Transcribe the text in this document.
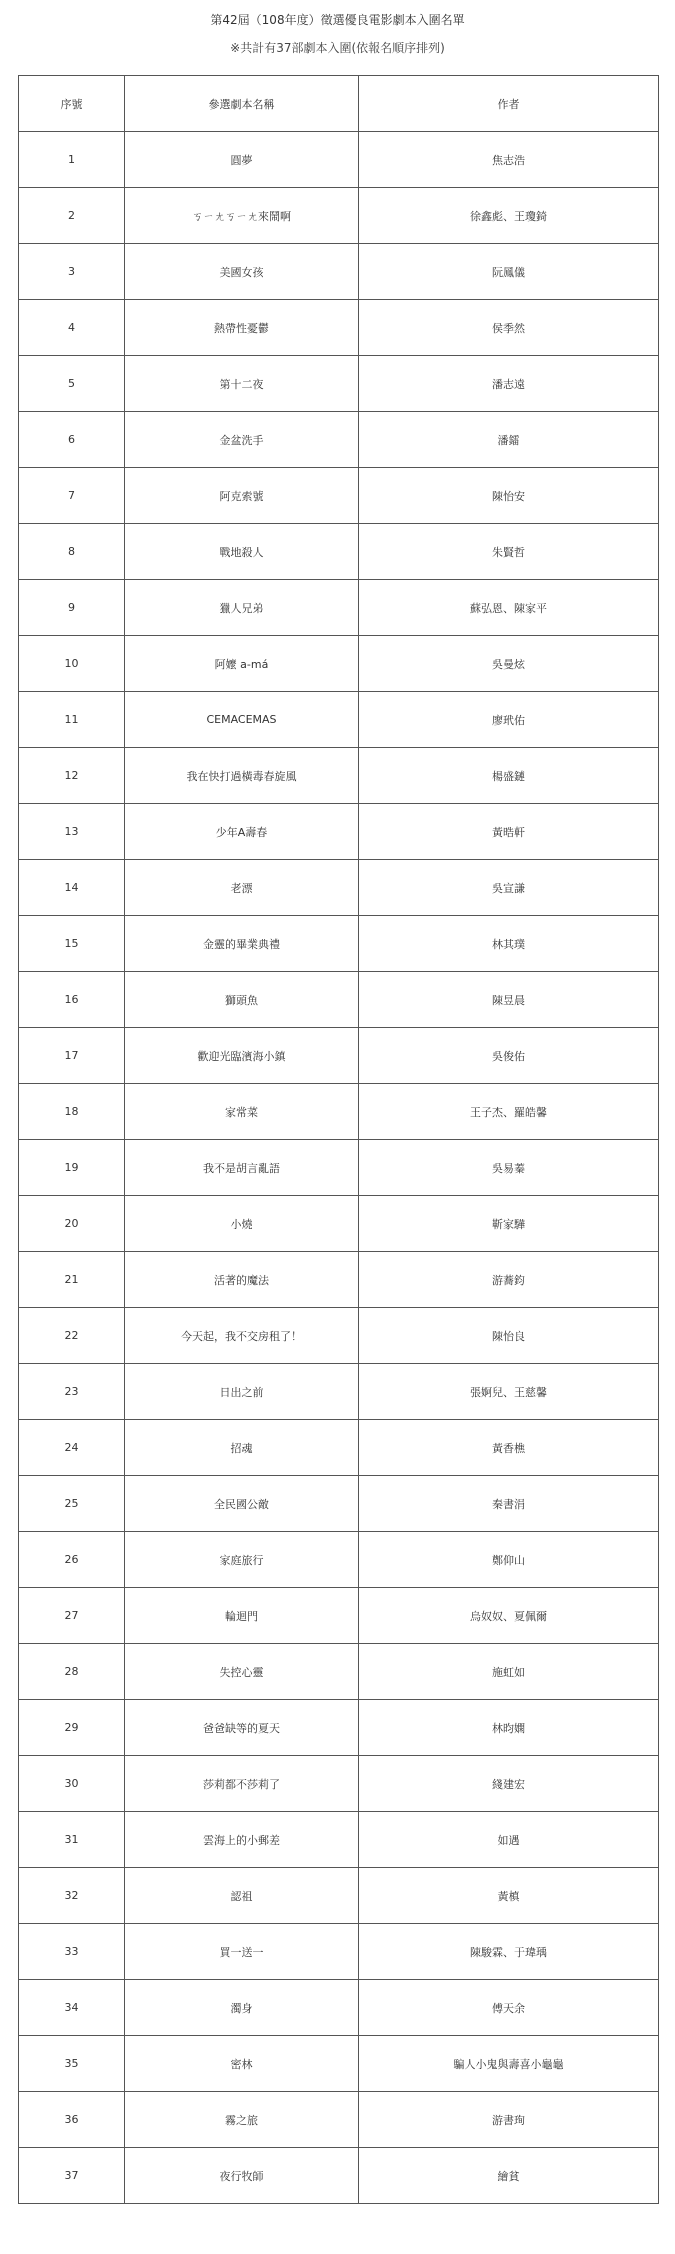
第42屆（108年度）徵選優良電影劇本入圍名單
※共計有37部劇本入圍(依報名順序排列)
序號	參選劇本名稱	作者
1	圓夢	焦志浩
2	ㄎㄧㄤㄎㄧㄤ來鬧啊	徐鑫彪、王瓊錡
3	美國女孩	阮鳳儀
4	熱帶性憂鬱	侯季然
5	第十二夜	潘志遠
6	金盆洗手	潘鐳
7	阿克索號	陳怡安
8	戰地殺人	朱賢哲
9	獵人兄弟	蘇弘恩、陳家平
10	阿嬤 a-má	吳曼炫
11	CEMACEMAS	廖玳佑
12	我在快打過橫毒春旋風	楊盛鏈
13	少年A壽春	黃晧軒
14	老漂	吳宣謙
15	金靈的畢業典禮	林其璞
16	獅頭魚	陳昱晨
17	歡迎光臨濱海小鎮	吳俊佑
18	家常菜	王子杰、羅皓馨
19	我不是胡言亂語	吳易蓁
20	小燒	靳家驊
21	活著的魔法	游蕎鈞
22	今天起，我不交房租了！	陳怡良
23	日出之前	張婀兒、王慈馨
24	招魂	黃香樵
25	全民國公敵	秦書涓
26	家庭旅行	鄭仰山
27	輪迴門	烏奴奴、夏佩爾
28	失控心靈	施虹如
29	爸爸缺等的夏天	林昀嫻
30	莎莉都不莎莉了	綫建宏
31	雲海上的小郵差	如遇
32	認祖	黃槙
33	買一送一	陳駿霖、于瑋瑀
34	濁身	傅天余
35	密林	騙人小鬼與壽喜小龜龜
36	霧之旅	游書珣
37	夜行牧師	繪貧
